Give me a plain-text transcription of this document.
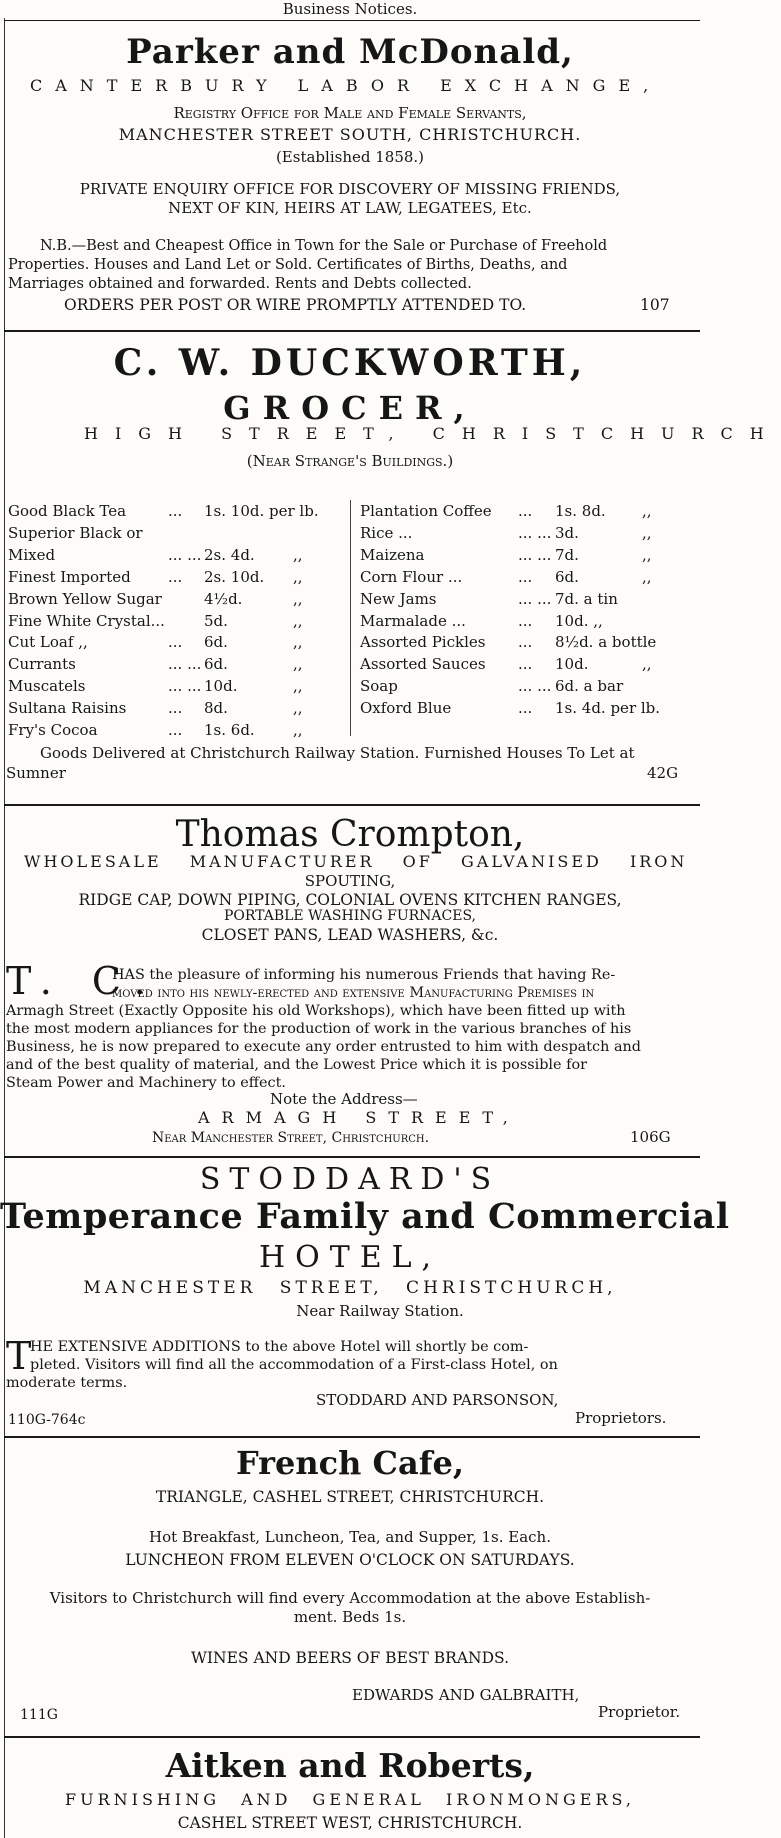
Business Notices.
Parker and McDonald,
CANTERBURY LABOR EXCHANGE,
Registry Office for Male and Female Servants,
MANCHESTER STREET SOUTH, CHRISTCHURCH.
(Established 1858.)
PRIVATE ENQUIRY OFFICE FOR DISCOVERY OF MISSING FRIENDS,
NEXT OF KIN, HEIRS AT LAW, LEGATEES, Etc.
N.B.—Best and Cheapest Office in Town for the Sale or Purchase of Freehold
Properties. Houses and Land Let or Sold. Certificates of Births, Deaths, and
Marriages obtained and forwarded. Rents and Debts collected.
ORDERS PER POST OR WIRE PROMPTLY ATTENDED TO.	107
C. W. DUCKWORTH,
GROCER,
HIGH STREET, CHRISTCHURCH
(Near Strange's Buildings.)
Good Black Tea	... 1s. 10d. per lb.
Superior Black or
Mixed	... ... 2s. 4d.	,,
Finest Imported ... 2s. 10d. ,,
Brown Yellow Sugar	4½d.	,,
Fine White Crystal...	5d.	,,
Cut Loaf ,,	... 6d.	,,
Currants	... ... 6d.	,,
Muscatels	... ... 10d.	,,
Sultana Raisins	... 8d.	,,
Fry's Cocoa	... 1s. 6d.	,,
Plantation Coffee ... 1s. 8d. ,,
Rice ...	... ... 3d.	,,
Maizena	... ... 7d.	,,
Corn Flour ...	... 6d.	,,
New Jams	... ... 7d. a tin
Marmalade ...	... 10d. ,,
Assorted Pickles ... 8½d. a bottle
Assorted Sauces ... 10d.	,,
Soap	... ... 6d. a bar
Oxford Blue	... 1s. 4d. per lb.
Goods Delivered at Christchurch Railway Station. Furnished Houses To Let at
Sumner	42G
Thomas Crompton,
WHOLESALE MANUFACTURER OF GALVANISED IRON
SPOUTING,
RIDGE CAP, DOWN PIPING, COLONIAL OVENS KITCHEN RANGES,
PORTABLE WASHING FURNACES,
CLOSET PANS, LEAD WASHERS, &c.
T. C.
HAS the pleasure of informing his numerous Friends that having Re-
moved into his newly-erected and extensive Manufacturing Premises in
Armagh Street (Exactly Opposite his old Workshops), which have been fitted up with
the most modern appliances for the production of work in the various branches of his
Business, he is now prepared to execute any order entrusted to him with despatch and
and of the best quality of material, and the Lowest Price which it is possible for
Steam Power and Machinery to effect.
Note the Address—
ARMAGH STREET,
Near Manchester Street, Christchurch.	106G
STODDARD'S
Temperance Family and Commercial
HOTEL,
MANCHESTER STREET, CHRISTCHURCH,
Near Railway Station.
T
HE EXTENSIVE ADDITIONS to the above Hotel will shortly be com-
pleted. Visitors will find all the accommodation of a First-class Hotel, on
moderate terms.
STODDARD AND PARSONSON,
110G-764c	Proprietors.
French Cafe,
TRIANGLE, CASHEL STREET, CHRISTCHURCH.
Hot Breakfast, Luncheon, Tea, and Supper, 1s. Each.
LUNCHEON FROM ELEVEN O'CLOCK ON SATURDAYS.
Visitors to Christchurch will find every Accommodation at the above Establish-
ment. Beds 1s.
WINES AND BEERS OF BEST BRANDS.
EDWARDS AND GALBRAITH,
111G	Proprietor.
Aitken and Roberts,
FURNISHING AND GENERAL IRONMONGERS,
CASHEL STREET WEST, CHRISTCHURCH.
